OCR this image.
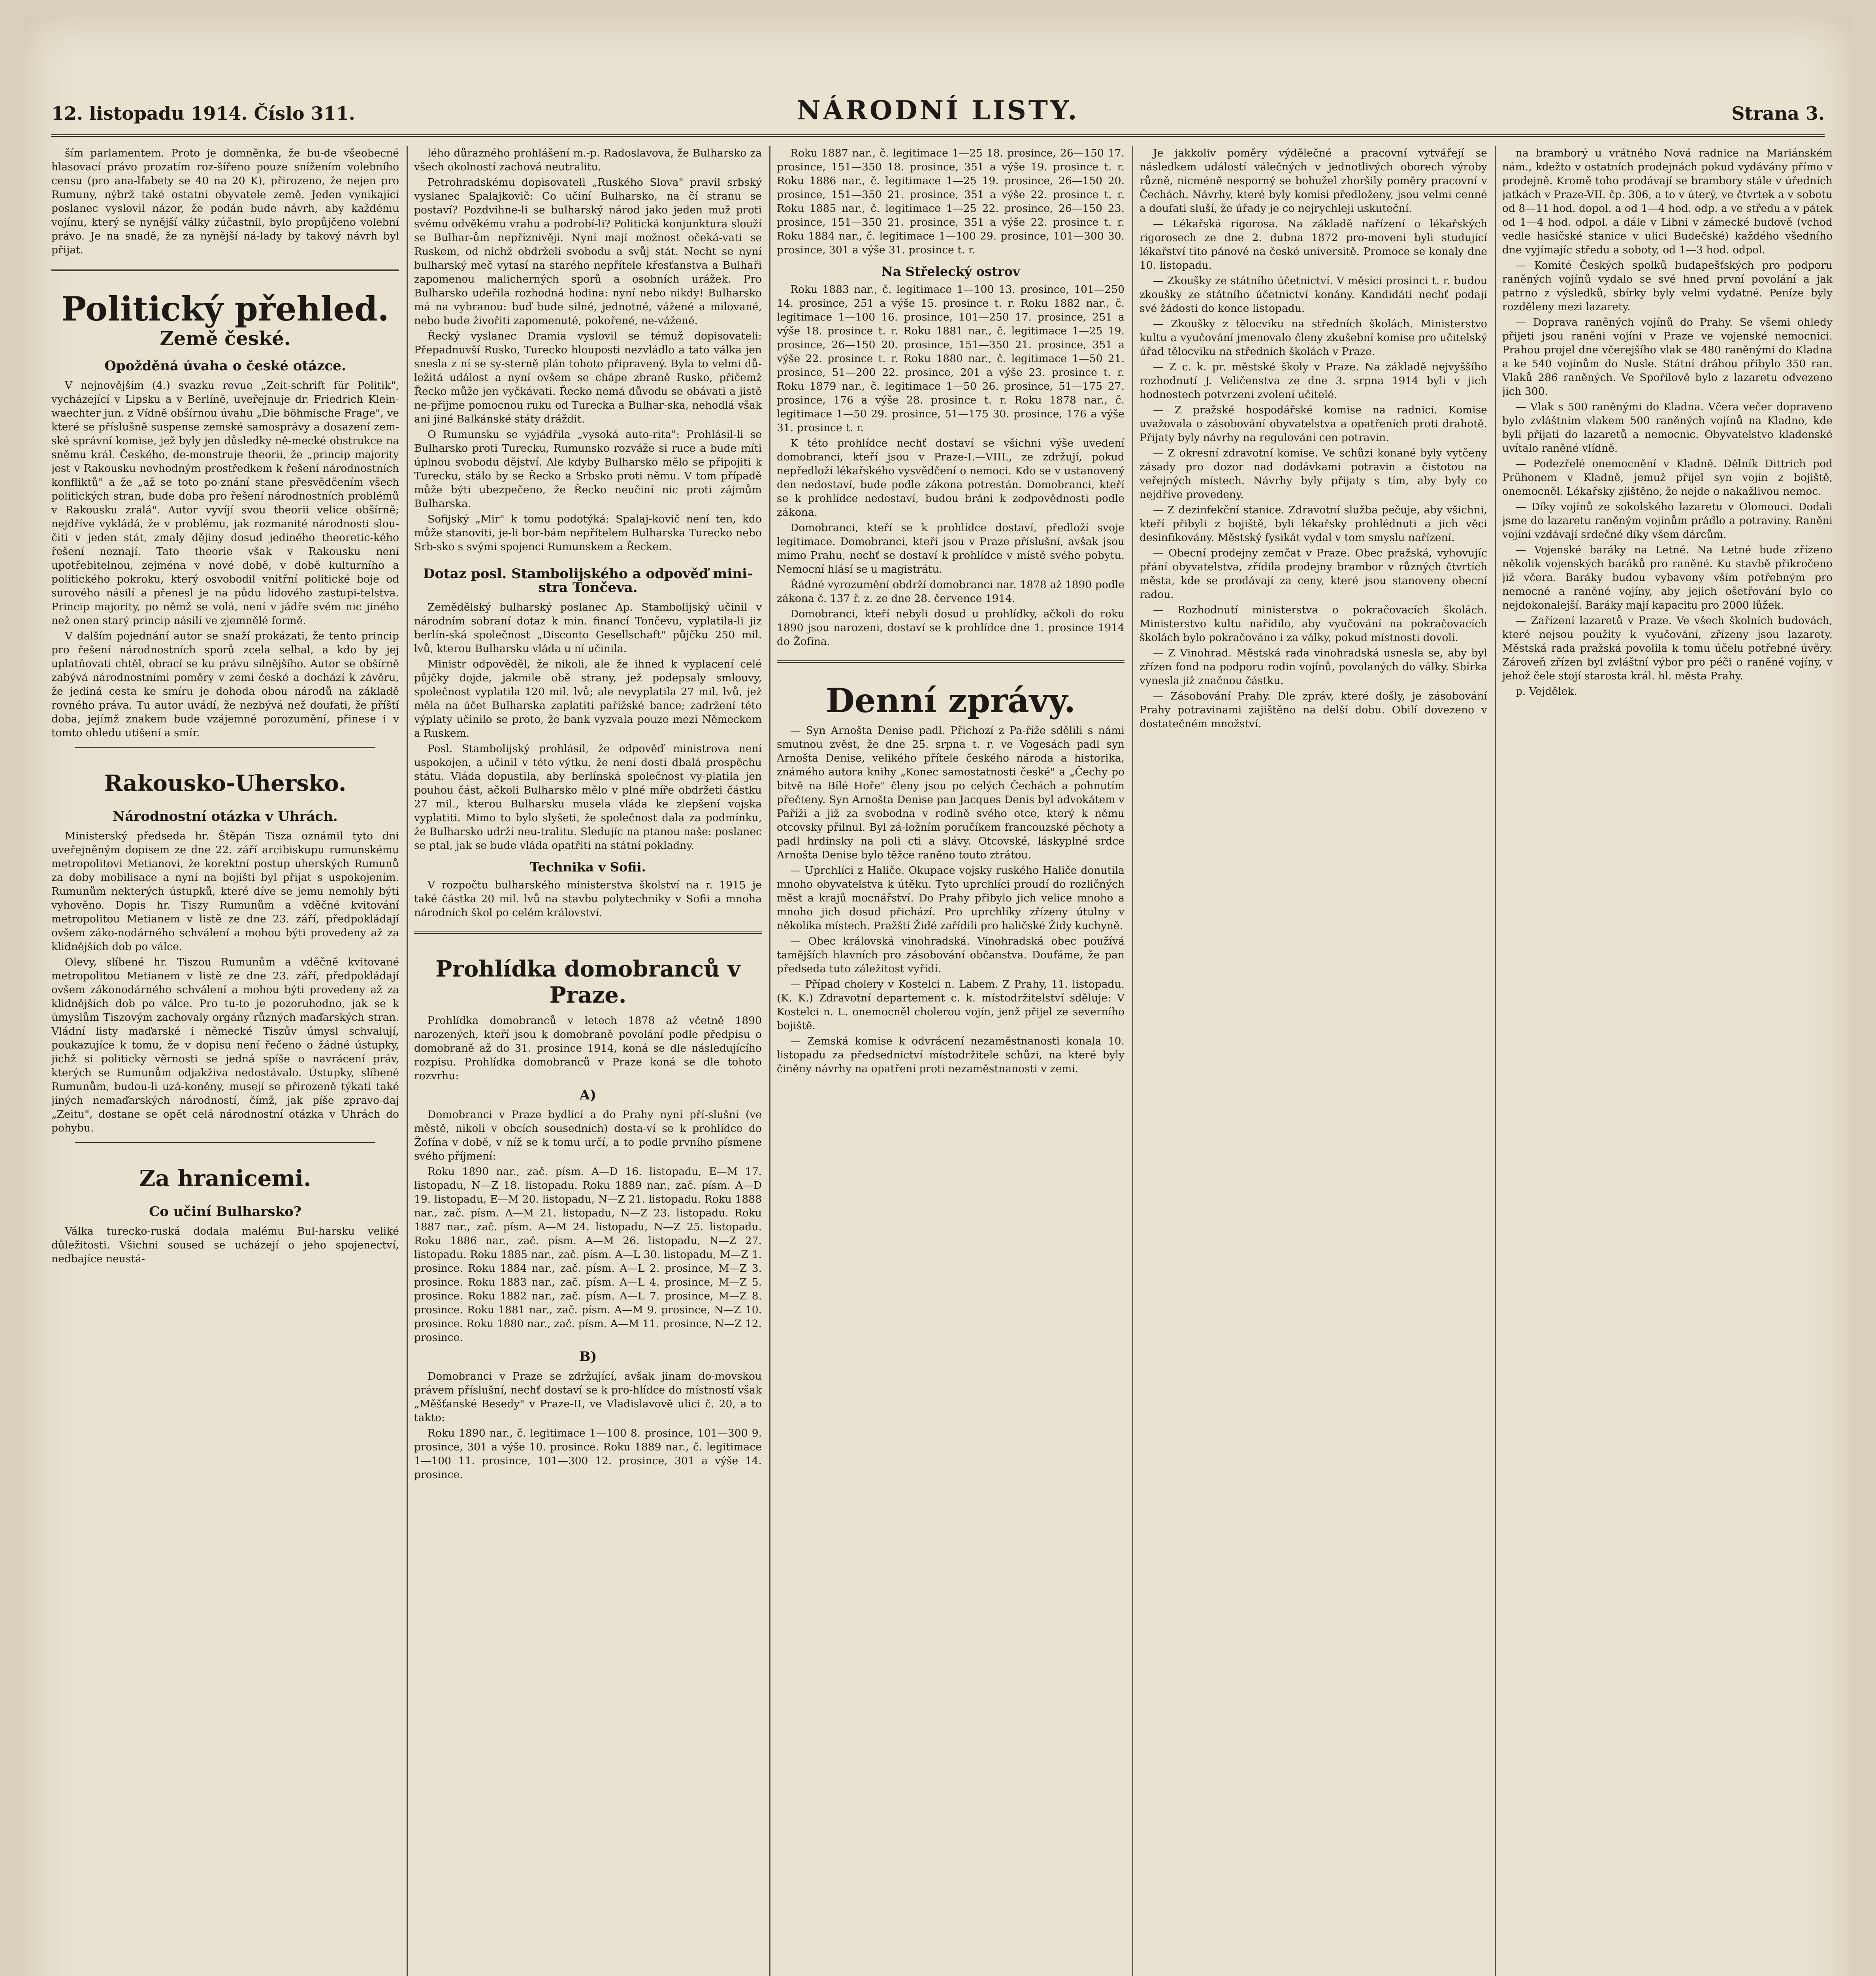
12. listopadu 1914. Číslo 311.	NÁRODNÍ LISTY.	Strana 3.

ším parlamentem. Proto je domněnka, že bu-de všeobecné hlasovací právo prozatím roz-šířeno pouze snížením volebního censu (pro ana-lfabety se 40 na 20 K), přirozeno, že nejen pro Rumuny, nýbrž také ostatní obyvatele země. Jeden vynikající poslanec vyslovil názor, že podán bude návrh, aby každému vojínu, který se nynější války zúčastnil, bylo propůjčeno volební právo. Je na snadě, že za nynější ná-lady by takový návrh byl přijat.

Politický přehled.
Země české.
Opožděná úvaha o české otázce.

V nejnovějším (4.) svazku revue „Zeit-schrift für Politik", vycházející v Lipsku a v Berlíně, uveřejnuje dr. Friedrich Klein-waechter jun. z Vídně obšírnou úvahu „Die böhmische Frage", ve které se příslušně suspense zemské samosprávy a dosazení zem-ské správní komise, jež byly jen důsledky ně-mecké obstrukce na sněmu král. Českého, de-monstruje theorii, že „princip majority jest v Rakousku nevhodným prostředkem k řešení národnostních konfliktů" a že „až se toto po-znání stane přesvědčením všech politických stran, bude doba pro řešení národnostních problémů v Rakousku zralá". Autor vyvíjí svou theorii velice obšírně; nejdříve vykládá, že v problému, jak rozmanité národnosti slou-čiti v jeden stát, zmaly dějiny dosud jediného theoretic-kého řešení neznají. Tato theorie však v Rakousku není upotřebitelnou, zejména v nové době, v době kulturního a politického pokroku, který osvobodil vnitřní politické boje od surového násilí a přenesl je na půdu lidového zastupi-telstva. Princip majority, po němž se volá, není v jádře svém nic jiného než onen starý princip násilí ve zjemnělé formě.

V dalším pojednání autor se snaží prokázati, že tento princip pro řešení národnostních sporů zcela selhal, a kdo by jej uplatňovati chtěl, obrací se ku právu silnějšího. Autor se obšírně zabývá národnostními poměry v zemi české a dochází k závěru, že jediná cesta ke smíru je dohoda obou národů na základě rovného práva. Tu autor uvádí, že nezbývá než doufati, že příští doba, jejímž znakem bude vzájemné porozumění, přinese i v tomto ohledu utišení a smír.

Rakousko-Uhersko.
Národnostní otázka v Uhrách.

Ministerský předseda hr. Štěpán Tisza oznámil tyto dni uveřejněným dopisem ze dne 22. září arcibiskupu rumunskému metropolitovi Metianovi, že korektní postup uherských Rumunů za doby mobilisace a nyní na bojišti byl přijat s uspokojením. Rumunům nekterých ústupků, které díve se jemu nemohly býti vyhověno. Dopis hr. Tiszy Rumunům a vděčné kvitování metropolitou Metianem v listě ze dne 23. září, předpokládají ovšem záko-nodárného schválení a mohou býti provedeny až za klidnějších dob po válce.

Olevy, slíbené hr. Tiszou Rumunům a vděčně kvitované metropolitou Metianem v listě ze dne 23. září, předpokládají ovšem zákonodárného schválení a mohou býti provedeny až za klidnějších dob po válce. Pro tu-to je pozoruhodno, jak se k úmyslům Tiszovým zachovaly orgány různých maďarských stran. Vládní listy maďarské i německé Tiszův úmysl schvalují, poukazujíce k tomu, že v dopisu není řečeno o žádné ústupky, jichž si politicky věrnosti se jedná spíše o navrácení práv, kterých se Rumunům odjakživa nedostávalo. Ústupky, slíbené Rumunům, budou-li uzá-koněny, musejí se přirozeně týkati také jiných nemaďarských národností, čímž, jak píše zpravo-daj „Zeitu", dostane se opět celá národnostní otázka v Uhrách do pohybu.

Za hranicemi.
Co učiní Bulharsko?

Válka turecko-ruská dodala malému Bul-harsku veliké důležitosti. Všichni soused se ucházejí o jeho spojenectví, nedbajíce neustá-

lého důrazného prohlášení m.-p. Radoslavova, že Bulharsko za všech okolností zachová neutralitu.

Petrohradskému dopisovateli „Ruského Slova" pravil srbský vyslanec Spalajkovič: Co učiní Bulharsko, na čí stranu se postaví? Pozdvihne-li se bulharský národ jako jeden muž proti svému odvěkému vrahu a podrobí-li? Politická konjunktura slouží se Bulhar-ům nepříznivěji. Nyní mají možnost očeká-vati se Ruskem, od nichž obdrželi svobodu a svůj stát. Necht se nyní bulharský meč vytasí na starého nepřítele křesťanstva a Bulhaři zapomenou malicherných sporů a osobních urážek. Pro Bulharsko udeřila rozhodná hodina: nyní nebo nikdy! Bulharsko má na vybranou: buď bude silné, jednotné, vážené a milované, nebo bude živořiti zapomenuté, pokořené, ne-vážené.

Řecký vyslanec Dramia vyslovil se témuž dopisovateli: Přepadnuvší Rusko, Turecko hlouposti nezvládlo a tato válka jen snesla z ní se sy-sterně plán tohoto připravený. Byla to velmi dů-ležitá událost a nyní ovšem se chápe zbraně Rusko, přičemž Řecko může jen vyčkávati. Řecko nemá důvodu se obávati a jistě ne-přijme pomocnou ruku od Turecka a Bulhar-ska, nehodlá však ani jiné Balkánské státy dráždit.

O Rumunsku se vyjádřila „vysoká auto-rita": Prohlásil-li se Bulharsko proti Turecku, Rumunsko rozváže si ruce a bude míti úplnou svobodu dějství. Ale kdyby Bulharsko mělo se připojiti k Turecku, stálo by se Řecko a Srbsko proti němu. V tom případě může býti ubezpečeno, že Řecko neučiní nic proti zájmům Bulharska.

Sofijský „Mir" k tomu podotýká: Spalaj-kovič není ten, kdo může stanoviti, je-li bor-bám nepřítelem Bulharska Turecko nebo Srb-sko s svými spojenci Rumunskem a Řeckem.

Dotaz posl. Stambolijského a odpověď mini-stra Tončeva.

Zemědělský bulharský poslanec Ap. Stambolijský učinil v národním sobraní dotaz k min. financí Tončevu, vyplatila-li jiz berlín-ská společnost „Disconto Gesellschaft" půjčku 250 mil. lvů, kterou Bulharsku vláda u ní učinila.

Ministr odpověděl, že nikoli, ale že ihned k vyplacení celé půjčky dojde, jakmile obě strany, jež podepsaly smlouvy, společnost vyplatila 120 mil. lvů; ale nevyplatila 27 mil. lvů, jež měla na účet Bulharska zaplatiti pařížské bance; zadržení této výplaty učinilo se proto, že bank vyzvala pouze mezi Německem a Ruskem.

Posl. Stambolijský prohlásil, že odpověď ministrova není uspokojen, a učinil v této výtku, že není dosti dbalá prospěchu státu. Vláda dopustila, aby berlínská společnost vy-platila jen pouhou část, ačkoli Bulharsko mělo v plné míře obdržeti částku 27 mil., kterou Bulharsku musela vláda ke zlepšení vojska vyplatiti. Mimo to bylo slyšeti, že společnost dala za podmínku, že Bulharsko udrží neu-tralitu. Sledujíc na ptanou naše: poslanec se ptal, jak se bude vláda opatřiti na státní pokladny.

Technika v Sofii.

V rozpočtu bulharského ministerstva školství na r. 1915 je také částka 20 mil. lvů na stavbu polytechniky v Sofii a mnoha národních škol po celém království.

Prohlídka domobranců v Praze.

Prohlídka domobranců v letech 1878 až včetně 1890 narozených, kteří jsou k domobraně povolání podle předpisu o domobraně až do 31. prosince 1914, koná se dle následujícího rozpisu. Prohlídka domobranců v Praze koná se dle tohoto rozvrhu:

A)

Domobranci v Praze bydlící a do Prahy nyní pří-slušní (ve městě, nikoli v obcích sousedních) dosta-ví se k prohlídce do Žofína v době, v níž se k tomu určí, a to podle prvního písmene svého příjmení:

Roku 1890 nar., zač. písm. A—D 16. listopadu, E—M 17. listopadu, N—Z 18. listopadu. Roku 1889 nar., zač. písm. A—D 19. listopadu, E—M 20. listopadu, N—Z 21. listopadu. Roku 1888 nar., zač. písm. A—M 21. listopadu, N—Z 23. listopadu. Roku 1887 nar., zač. písm. A—M 24. listopadu, N—Z 25. listopadu. Roku 1886 nar., zač. písm. A—M 26. listopadu, N—Z 27. listopadu. Roku 1885 nar., zač. písm. A—L 30. listopadu, M—Z 1. prosince. Roku 1884 nar., zač. písm. A—L 2. prosince, M—Z 3. prosince. Roku 1883 nar., zač. písm. A—L 4. prosince, M—Z 5. prosince. Roku 1882 nar., zač. písm. A—L 7. prosince, M—Z 8. prosince. Roku 1881 nar., zač. písm. A—M 9. prosince, N—Z 10. prosince. Roku 1880 nar., zač. písm. A—M 11. prosince, N—Z 12. prosince.

B)

Domobranci v Praze se zdržující, avšak jinam do-movskou právem příslušní, nechť dostaví se k pro-hlídce do místností však „Měšťanské Besedy" v Praze-II, ve Vladislavově ulici č. 20, a to takto:

Roku 1890 nar., č. legitimace 1—100 8. prosince, 101—300 9. prosince, 301 a výše 10. prosince. Roku 1889 nar., č. legitimace 1—100 11. prosince, 101—300 12. prosince, 301 a výše 14. prosince.

Roku 1887 nar., č. legitimace 1—25 18. prosince, 26—150 17. prosince, 151—350 18. prosince, 351 a výše 19. prosince t. r. Roku 1886 nar., č. legitimace 1—25 19. prosince, 26—150 20. prosince, 151—350 21. prosince, 351 a výše 22. prosince t. r. Roku 1885 nar., č. legitimace 1—25 22. prosince, 26—150 23. prosince, 151—350 21. prosince, 351 a výše 22. prosince t. r. Roku 1884 nar., č. legitimace 1—100 29. prosince, 101—300 30. prosince, 301 a výše 31. prosince t. r.

Na Střelecký ostrov

Roku 1883 nar., č. legitimace 1—100 13. prosince, 101—250 14. prosince, 251 a výše 15. prosince t. r. Roku 1882 nar., č. legitimace 1—100 16. prosince, 101—250 17. prosince, 251 a výše 18. prosince t. r. Roku 1881 nar., č. legitimace 1—25 19. prosince, 26—150 20. prosince, 151—350 21. prosince, 351 a výše 22. prosince t. r. Roku 1880 nar., č. legitimace 1—50 21. prosince, 51—200 22. prosince, 201 a výše 23. prosince t. r. Roku 1879 nar., č. legitimace 1—50 26. prosince, 51—175 27. prosince, 176 a výše 28. prosince t. r. Roku 1878 nar., č. legitimace 1—50 29. prosince, 51—175 30. prosince, 176 a výše 31. prosince t. r.

K této prohlídce nechť dostaví se všichni výše uvedení domobranci, kteří jsou v Praze-I.—VIII., ze zdržují, pokud nepředloží lékařského vysvědčení o nemoci. Kdo se v ustanovený den nedostaví, bude podle zákona potrestán. Domobranci, kteří se k prohlídce nedostaví, budou bráni k zodpovědnosti podle zákona.

Domobranci, kteří se k prohlídce dostaví, předloží svoje legitimace. Domobranci, kteří jsou v Praze příslušní, avšak jsou mimo Prahu, nechť se dostaví k prohlídce v místě svého pobytu. Nemocní hlásí se u magistrátu.

Řádné vyrozumění obdrží domobranci nar. 1878 až 1890 podle zákona č. 137 ř. z. ze dne 28. července 1914.

Domobranci, kteří nebyli dosud u prohlídky, ačkoli do roku 1890 jsou narozeni, dostaví se k prohlídce dne 1. prosince 1914 do Žofína.

Denní zprávy.

— Syn Arnošta Denise padl. Přichozí z Pa-říže sdělili s námi smutnou zvěst, že dne 25. srpna t. r. ve Vogesách padl syn Arnošta Denise, velikého přítele českého národa a historika, známého autora knihy „Konec samostatnosti české" a „Čechy po bitvě na Bílé Hoře" členy jsou po celých Čechách a pohnutím přečteny. Syn Arnošta Denise pan Jacques Denis byl advokátem v Paříži a již za svobodna v rodině svého otce, který k němu otcovsky přilnul. Byl zá-ložním poručíkem francouzské pěchoty a padl hrdinsky na poli cti a slávy. Otcovské, láskyplné srdce Arnošta Denise bylo těžce raněno touto ztrátou.

— Uprchlíci z Haliče. Okupace vojsky ruského Haliče donutila mnoho obyvatelstva k útěku. Tyto uprchlíci proudí do rozličných měst a krajů mocnářství. Do Prahy přibylo jich velice mnoho a mnoho jich dosud přichází. Pro uprchlíky zřízeny útulny v několika místech. Pražští Židé zařídili pro haličské Židy kuchyně.

— Obec královská vinohradská. Vinohradská obec používá tamějších hlavních pro zásobování občanstva. Doufáme, že pan předseda tuto záležitost vyřídí.

— Případ cholery v Kostelci n. Labem. Z Prahy, 11. listopadu. (K. K.) Zdravotní departement c. k. místodržitelství sděluje: V Kostelci n. L. onemocněl cholerou vojín, jenž přijel ze severního bojiště.

— Zemská komise k odvrácení nezaměstnanosti konala 10. listopadu za předsednictví místodržitele schůzi, na které byly činěny návrhy na opatření proti nezaměstnanosti v zemi.

Je jakkoliv poměry výdělečné a pracovní vytvářejí se následkem událostí válečných v jednotlivých oborech výroby různě, nicméně nesporný se bohužel zhoršily poměry pracovní v Čechách. Návrhy, které byly komisi předloženy, jsou velmi cenné a doufati sluší, že úřady je co nejrychleji uskuteční.

— Lékařská rigorosa. Na základě nařízení o lékařských rigorosech ze dne 2. dubna 1872 pro-moveni byli studující lékařství tito pánové na české universitě. Promoce se konaly dne 10. listopadu.

— Zkoušky ze státního účetnictví. V měsíci prosinci t. r. budou zkoušky ze státního účetnictví konány. Kandidáti nechť podají své žádosti do konce listopadu.

— Zkoušky z tělocviku na středních školách. Ministerstvo kultu a vyučování jmenovalo členy zkušební komise pro učitelský úřad tělocviku na středních školách v Praze.

— Z c. k. pr. městské školy v Praze. Na základě nejvyššího rozhodnutí J. Veličenstva ze dne 3. srpna 1914 byli v jich hodnostech potvrzeni zvolení učitelé.

— Z pražské hospodářské komise na radnici. Komise uvažovala o zásobování obyvatelstva a opatřeních proti drahotě. Přijaty byly návrhy na regulování cen potravin.

— Z okresní zdravotní komise. Ve schůzi konané byly vytčeny zásady pro dozor nad dodávkami potravin a čistotou na veřejných místech. Návrhy byly přijaty s tím, aby byly co nejdříve provedeny.

— Z dezinfekční stanice. Zdravotní služba pečuje, aby všichni, kteří přibyli z bojiště, byli lékařsky prohlédnuti a jich věci desinfikovány. Městský fysikát vydal v tom smyslu nařízení.

— Obecní prodejny zemčat v Praze. Obec pražská, vyhovujíc přání obyvatelstva, zřídila prodejny brambor v různých čtvrtích města, kde se prodávají za ceny, které jsou stanoveny obecní radou.

— Rozhodnutí ministerstva o pokračovacích školách. Ministerstvo kultu nařídilo, aby vyučování na pokračovacích školách bylo pokračováno i za války, pokud místnosti dovolí.

— Z Vinohrad. Městská rada vinohradská usnesla se, aby byl zřízen fond na podporu rodin vojínů, povolaných do války. Sbírka vynesla již značnou částku.

— Zásobování Prahy. Dle zpráv, které došly, je zásobování Prahy potravinami zajištěno na delší dobu. Obilí dovezeno v dostatečném množství.

na bramborý u vrátného Nová radnice na Mariánském nám., kdežto v ostatních prodejnách pokud vydávány přímo v prodejně. Kromě toho prodávají se brambory stále v úředních jatkách v Praze-VII. čp. 306, a to v úterý, ve čtvrtek a v sobotu od 8—11 hod. dopol. a od 1—4 hod. odp. a ve středu a v pátek od 1—4 hod. odpol. a dále v Libni v zámecké budově (vchod vedle hasičské stanice v ulici Budečské) každého všedního dne vyjímajíc středu a soboty, od 1—3 hod. odpol.

— Komité Českých spolků budapešťských pro podporu raněných vojínů vydalo se své hned první povolání a jak patrno z výsledků, sbírky byly velmi vydatné. Peníze byly rozděleny mezi lazarety.

— Doprava raněných vojínů do Prahy. Se všemi ohledy přijeti jsou raněni vojíni v Praze ve vojenské nemocnici. Prahou projel dne včerejšího vlak se 480 raněnými do Kladna a ke 540 vojínům do Nusle. Státní dráhou přibylo 350 ran. Vlaků 286 raněných. Ve Spořilově bylo z lazaretu odvezeno jich 300.

— Vlak s 500 raněnými do Kladna. Včera večer dopraveno bylo zvláštním vlakem 500 raněných vojínů na Kladno, kde byli přijati do lazaretů a nemocnic. Obyvatelstvo kladenské uvítalo raněné vlídně.

— Podezřelé onemocnění v Kladně. Dělník Dittrich pod Prühonem v Kladně, jemuž přijel syn vojín z bojiště, onemocněl. Lékařsky zjištěno, že nejde o nakažlivou nemoc.

— Díky vojínů ze sokolského lazaretu v Olomouci. Dodali jsme do lazaretu raněným vojínům prádlo a potraviny. Raněni vojíni vzdávají srdečné díky všem dárcům.

— Vojenské baráky na Letné. Na Letné bude zřízeno několik vojenských baráků pro raněné. Ku stavbě přikročeno již včera. Baráky budou vybaveny vším potřebným pro nemocné a raněné vojíny, aby jejich ošetřování bylo co nejdokonalejší. Baráky mají kapacitu pro 2000 lůžek.

— Zařízení lazaretů v Praze. Ve všech školních budovách, které nejsou použity k vyučování, zřízeny jsou lazarety. Městská rada pražská povolila k tomu účelu potřebné úvěry. Zároveň zřízen byl zvláštní výbor pro péči o raněné vojíny, v jehož čele stojí starosta král. hl. města Prahy.

p. Vejdělek.
